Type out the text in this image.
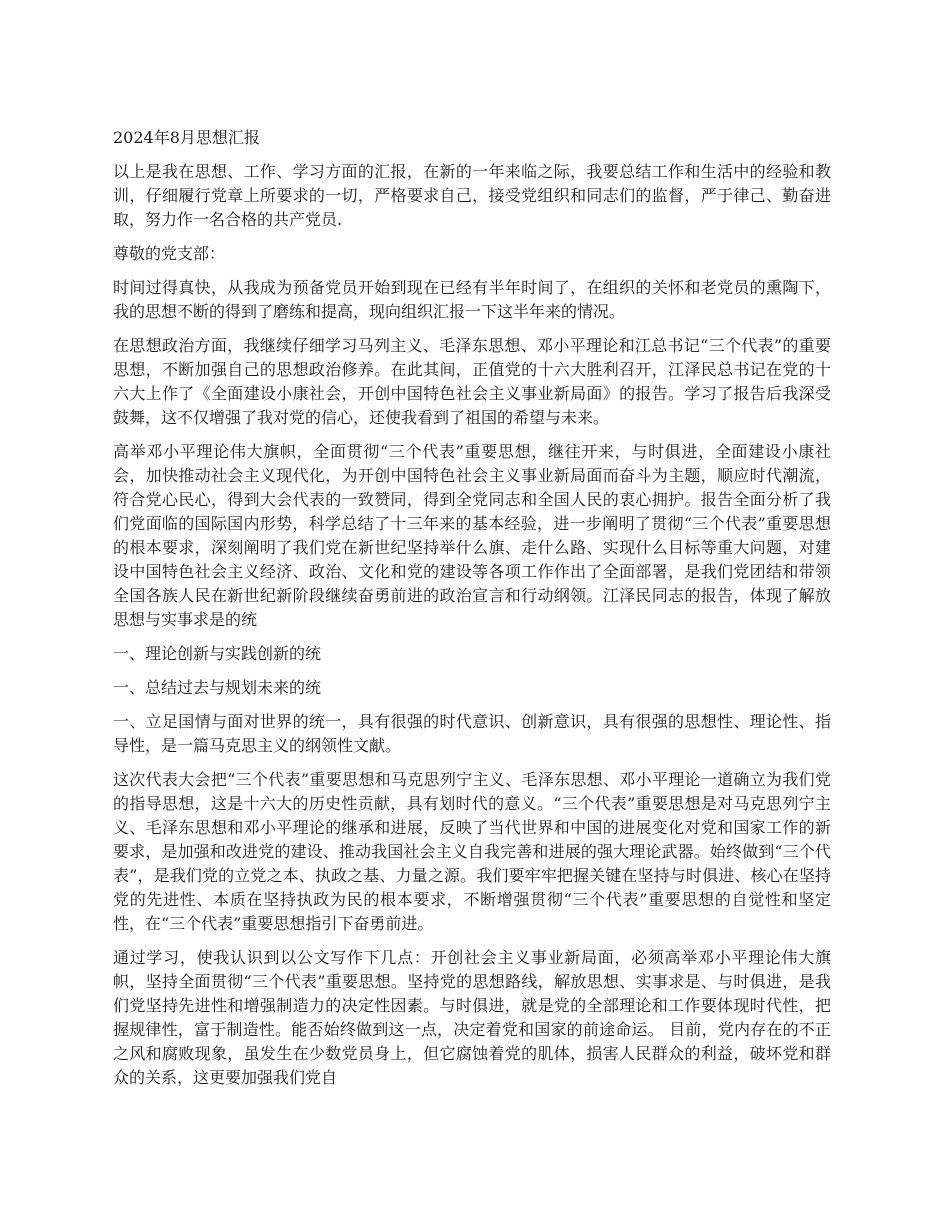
2024年8月思想汇报

以上是我在思想、工作、学习方面的汇报，在新的一年来临之际，我要总结工作和生活中的经验和教训，仔细履行党章上所要求的一切，严格要求自己，接受党组织和同志们的监督，严于律己、勤奋进取，努力作一名合格的共产党员.

尊敬的党支部：

时间过得真快，从我成为预备党员开始到现在已经有半年时间了，在组织的关怀和老党员的熏陶下，我的思想不断的得到了磨练和提高，现向组织汇报一下这半年来的情况。

在思想政治方面，我继续仔细学习马列主义、毛泽东思想、邓小平理论和江总书记“三个代表”的重要思想，不断加强自己的思想政治修养。在此其间，正值党的十六大胜利召开，江泽民总书记在党的十六大上作了《全面建设小康社会，开创中国特色社会主义事业新局面》的报告。学习了报告后我深受鼓舞，这不仅增强了我对党的信心，还使我看到了祖国的希望与未来。

高举邓小平理论伟大旗帜，全面贯彻“三个代表”重要思想，继往开来，与时俱进，全面建设小康社会，加快推动社会主义现代化，为开创中国特色社会主义事业新局面而奋斗为主题，顺应时代潮流，符合党心民心，得到大会代表的一致赞同，得到全党同志和全国人民的衷心拥护。报告全面分析了我们党面临的国际国内形势，科学总结了十三年来的基本经验，进一步阐明了贯彻“三个代表”重要思想的根本要求，深刻阐明了我们党在新世纪坚持举什么旗、走什么路、实现什么目标等重大问题，对建设中国特色社会主义经济、政治、文化和党的建设等各项工作作出了全面部署，是我们党团结和带领全国各族人民在新世纪新阶段继续奋勇前进的政治宣言和行动纲领。江泽民同志的报告，体现了解放思想与实事求是的统

一、理论创新与实践创新的统

一、总结过去与规划未来的统

一、立足国情与面对世界的统一，具有很强的时代意识、创新意识，具有很强的思想性、理论性、指导性，是一篇马克思主义的纲领性文献。

这次代表大会把“三个代表”重要思想和马克思列宁主义、毛泽东思想、邓小平理论一道确立为我们党的指导思想，这是十六大的历史性贡献，具有划时代的意义。“三个代表”重要思想是对马克思列宁主义、毛泽东思想和邓小平理论的继承和进展，反映了当代世界和中国的进展变化对党和国家工作的新要求，是加强和改进党的建设、推动我国社会主义自我完善和进展的强大理论武器。始终做到“三个代表”，是我们党的立党之本、执政之基、力量之源。我们要牢牢把握关键在坚持与时俱进、核心在坚持党的先进性、本质在坚持执政为民的根本要求，不断增强贯彻“三个代表”重要思想的自觉性和坚定性，在“三个代表”重要思想指引下奋勇前进。

通过学习，使我认识到以公文写作下几点：开创社会主义事业新局面，必须高举邓小平理论伟大旗帜，坚持全面贯彻“三个代表”重要思想。坚持党的思想路线，解放思想、实事求是、与时俱进，是我们党坚持先进性和增强制造力的决定性因素。与时俱进，就是党的全部理论和工作要体现时代性，把握规律性，富于制造性。能否始终做到这一点，决定着党和国家的前途命运。 目前，党内存在的不正之风和腐败现象，虽发生在少数党员身上，但它腐蚀着党的肌体，损害人民群众的利益，破坏党和群众的关系，这更要加强我们党自
